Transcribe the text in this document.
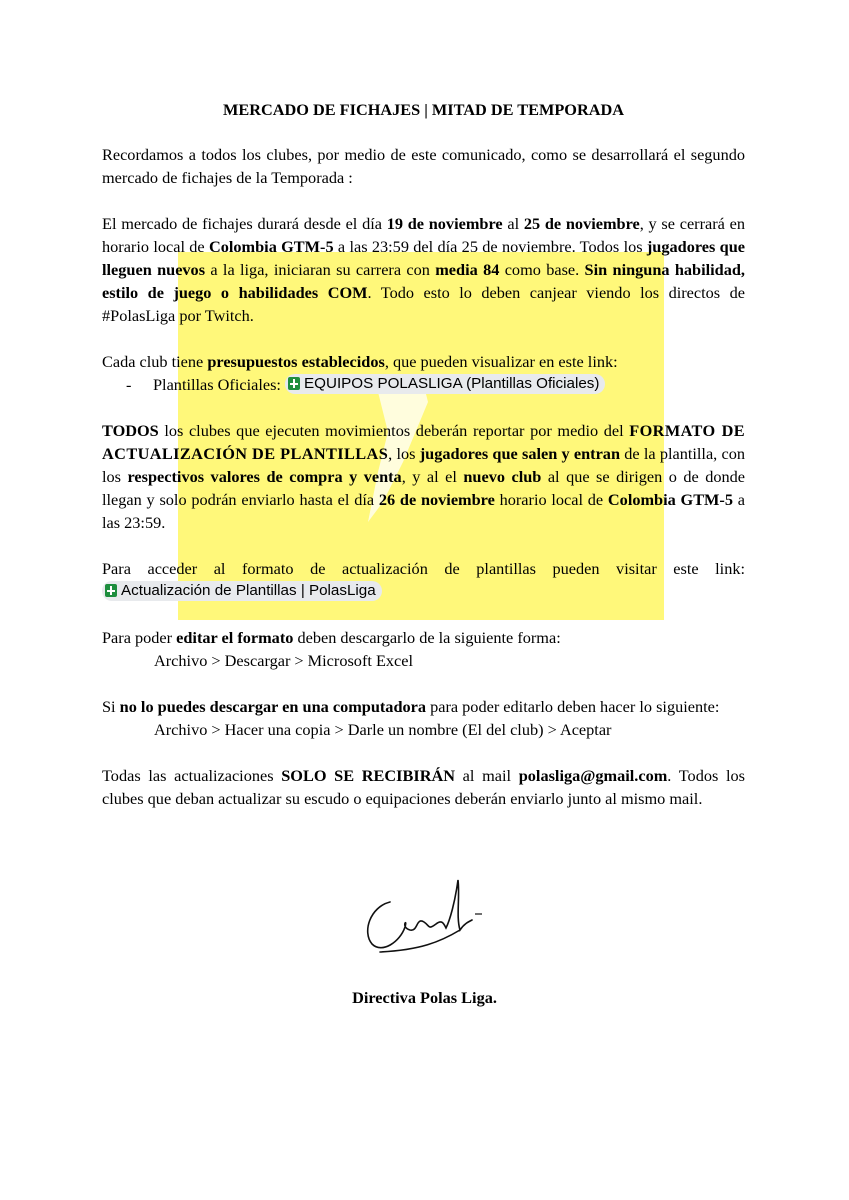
MERCADO DE FICHAJES | MITAD DE TEMPORADA

Recordamos a todos los clubes, por medio de este comunicado, como se desarrollará el segundo mercado de fichajes de la Temporada :

El mercado de fichajes durará desde el día 19 de noviembre al 25 de noviembre, y se cerrará en horario local de Colombia GTM-5 a las 23:59 del día 25 de noviembre. Todos los jugadores que lleguen nuevos a la liga, iniciaran su carrera con media 84 como base. Sin ninguna habilidad, estilo de juego o habilidades COM. Todo esto lo deben canjear viendo los directos de #PolasLiga por Twitch.

Cada club tiene presupuestos establecidos, que pueden visualizar en este link:

-	Plantillas Oficiales: EQUIPOS POLASLIGA (Plantillas Oficiales)

TODOS los clubes que ejecuten movimientos deberán reportar por medio del FORMATO DE ACTUALIZACIÓN DE PLANTILLAS, los jugadores que salen y entran de la plantilla, con los respectivos valores de compra y venta, y al el nuevo club al que se dirigen o de donde llegan y solo podrán enviarlo hasta el día 26 de noviembre horario local de Colombia GTM-5 a las 23:59.

Para acceder al formato de actualización de plantillas pueden visitar este link:
Actualización de Plantillas | PolasLiga

Para poder editar el formato deben descargarlo de la siguiente forma:
Archivo > Descargar > Microsoft Excel

Si no lo puedes descargar en una computadora para poder editarlo deben hacer lo siguiente:
Archivo > Hacer una copia > Darle un nombre (El del club) > Aceptar

Todas las actualizaciones SOLO SE RECIBIRÁN al mail polasliga@gmail.com. Todos los clubes que deban actualizar su escudo o equipaciones deberán enviarlo junto al mismo mail.

Directiva Polas Liga.
